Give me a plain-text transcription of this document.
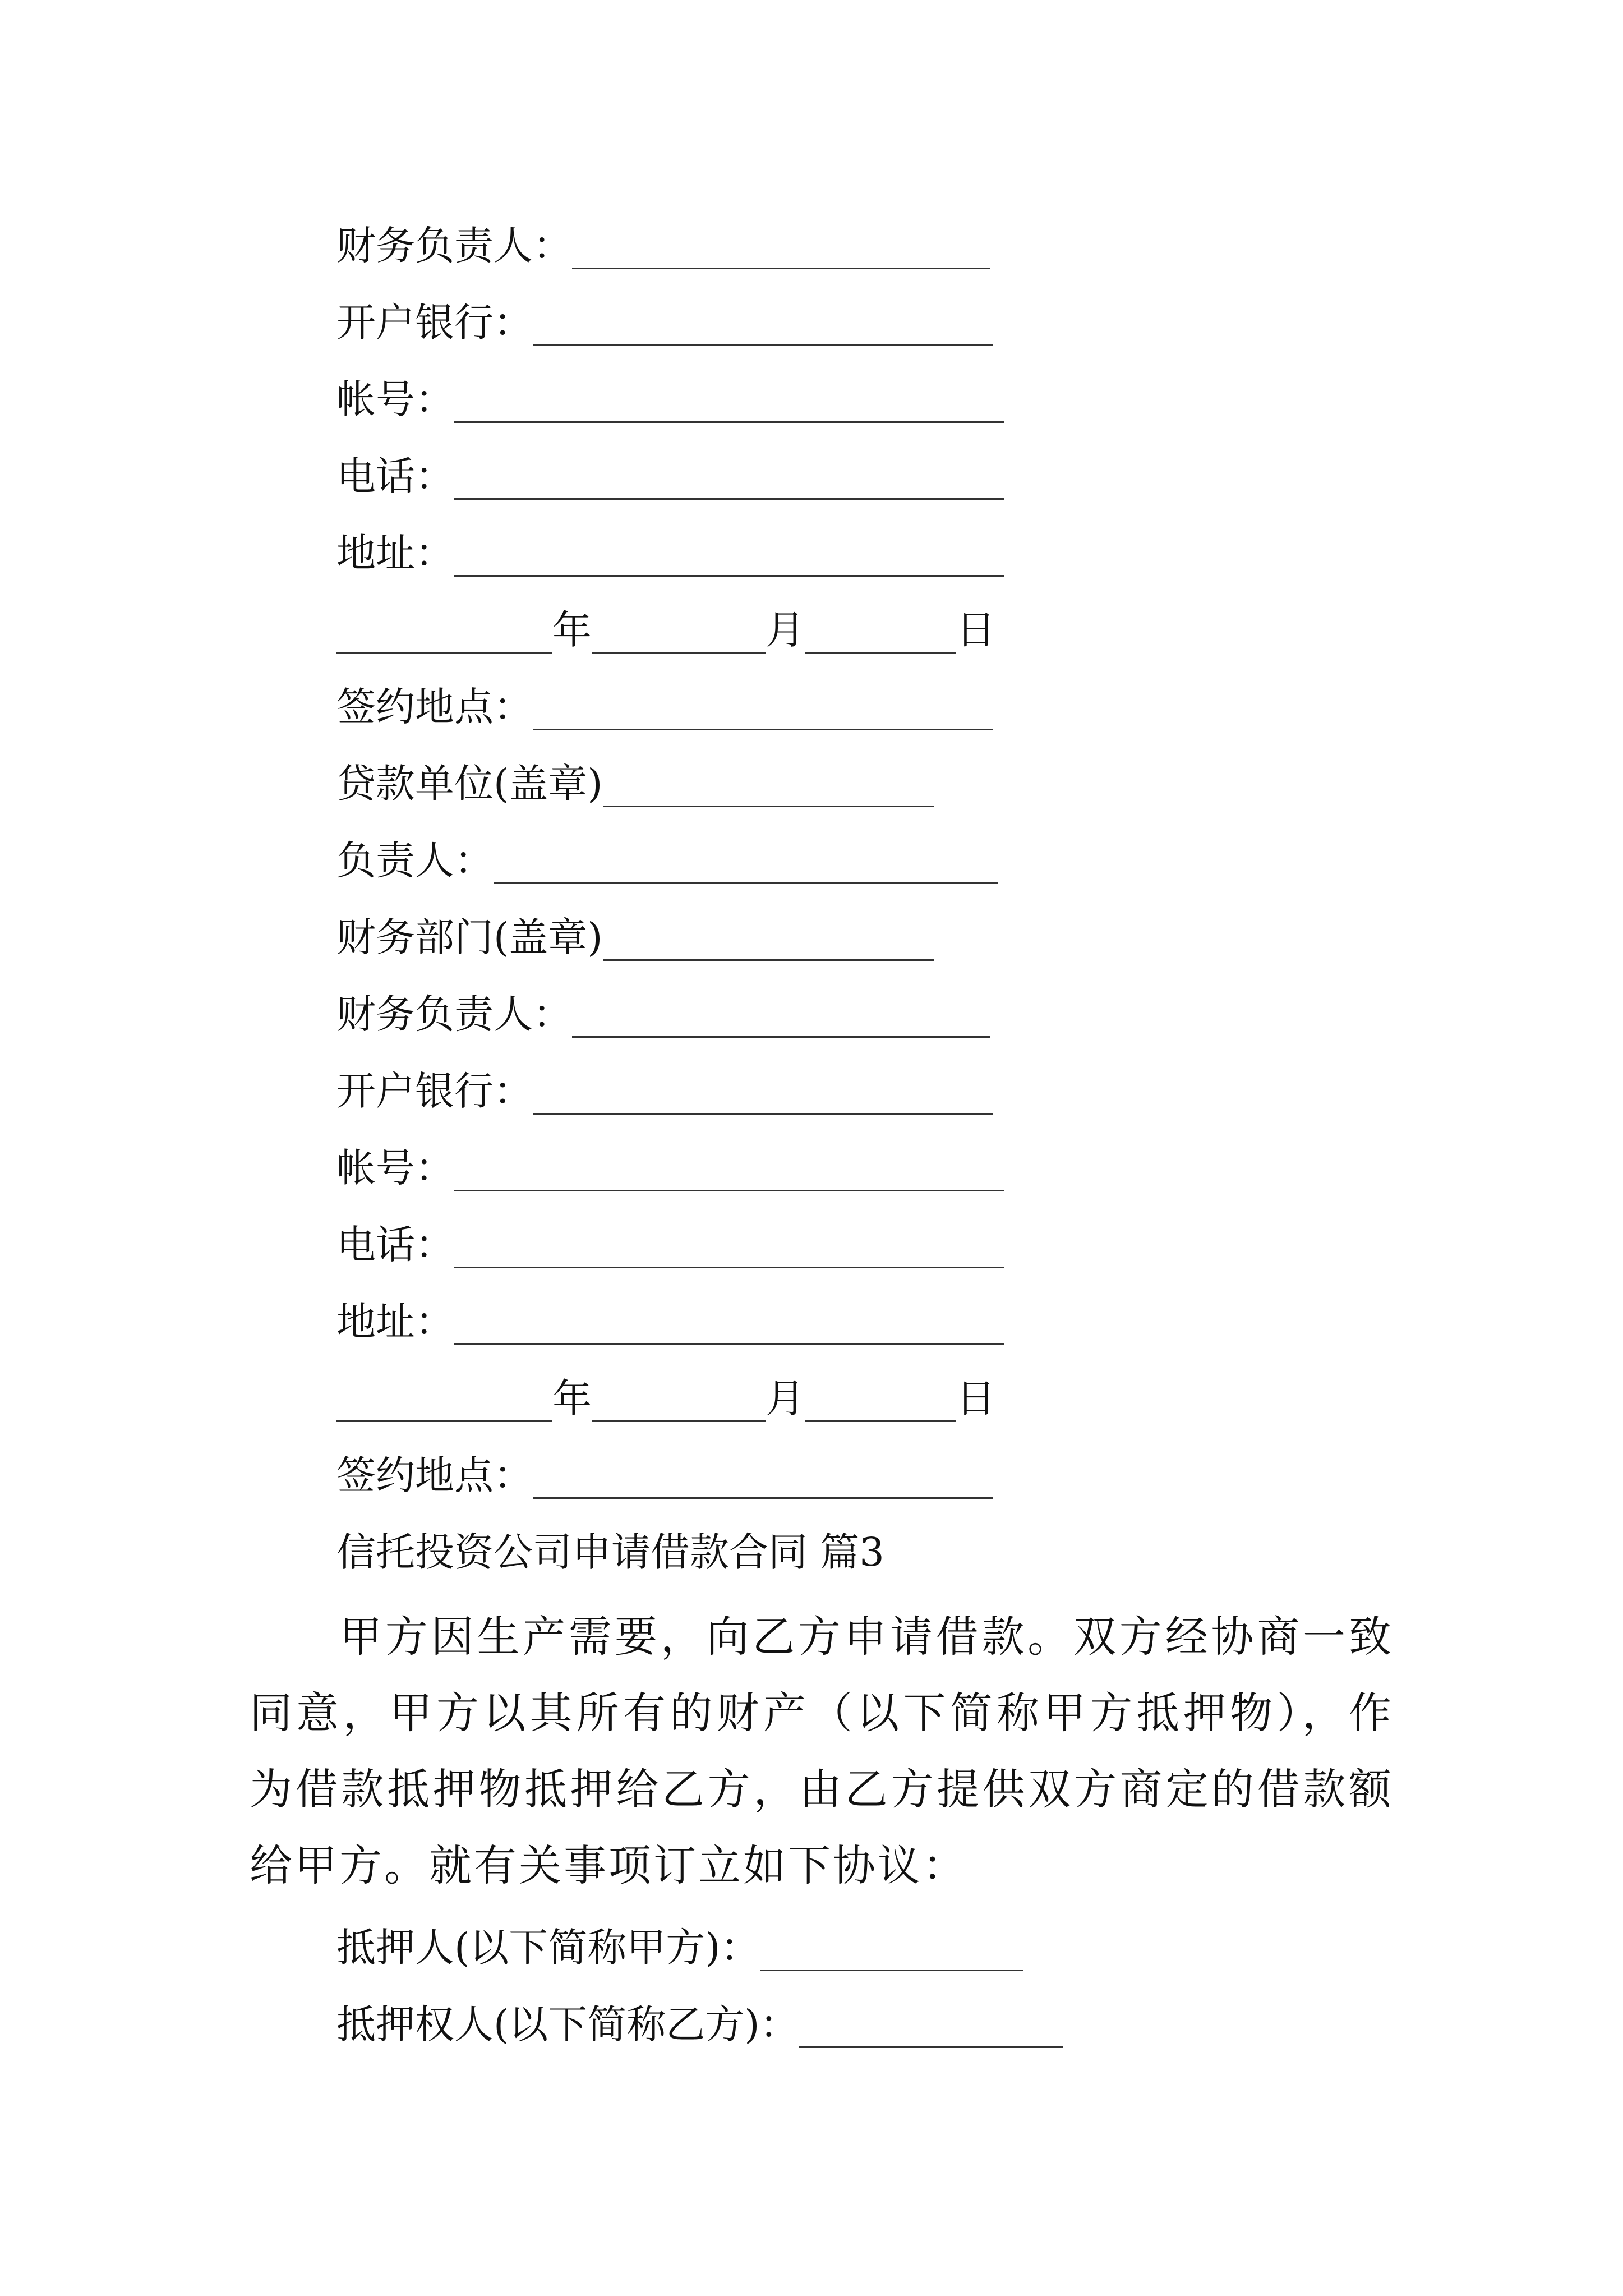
财务负责人：
开户银行：
帐号：
电话：
地址：
年	月	日
签约地点：
贷款单位(盖章)
负责人：
财务部门(盖章)
财务负责人：
开户银行：
帐号：
电话：
地址：
年	月	日
签约地点：
信托投资公司申请借款合同 篇3

甲方因生产需要，向乙方申请借款。双方经协商一致同意，甲方以其所有的财产（以下简称甲方抵押物），作为借款抵押物抵押给乙方，由乙方提供双方商定的借款额给甲方。就有关事项订立如下协议：

抵押人(以下简称甲方)：
抵押权人(以下简称乙方)：
